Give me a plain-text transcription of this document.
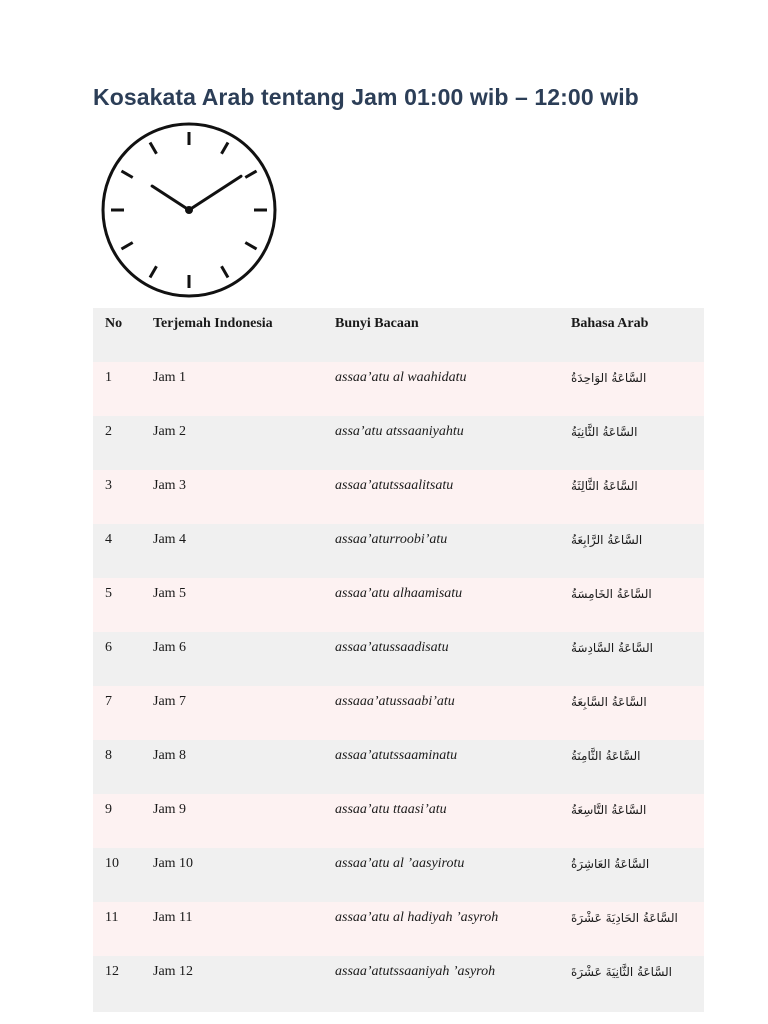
Kosakata Arab tentang Jam 01:00 wib – 12:00 wib
No	Terjemah Indonesia	Bunyi Bacaan	Bahasa Arab
1	Jam 1	assaa’atu al waahidatu	السَّاعَةُ الوَاحِدَةُ
2	Jam 2	assa’atu atssaaniyahtu	السَّاعَةُ الثَّانِيَةُ
3	Jam 3	assaa’atutssaalitsatu	السَّاعَةُ الثَّالِثَةُ
4	Jam 4	assaa’aturroobi’atu	السَّاعَةُ الرَّابِعَةُ
5	Jam 5	assaa’atu alhaamisatu	السَّاعَةُ الخَامِسَةُ
6	Jam 6	assaa’atussaadisatu	السَّاعَةُ السَّادِسَةُ
7	Jam 7	assaaa’atussaabi’atu	السَّاعَةُ السَّابِعَةُ
8	Jam 8	assaa’atutssaaminatu	السَّاعَةُ الثَّامِنَةُ
9	Jam 9	assaa’atu ttaasi’atu	السَّاعَةُ التَّاسِعَةُ
10	Jam 10	assaa’atu al ’aasyirotu	السَّاعَةُ العَاشِرَةُ
11	Jam 11	assaa’atu al hadiyah ’asyroh	السَّاعَةُ الحَادِيَةَ عَشْرَةَ
12	Jam 12	assaa’atutssaaniyah ’asyroh	السَّاعَةُ الثَّانِيَةَ عَشْرَةَ
